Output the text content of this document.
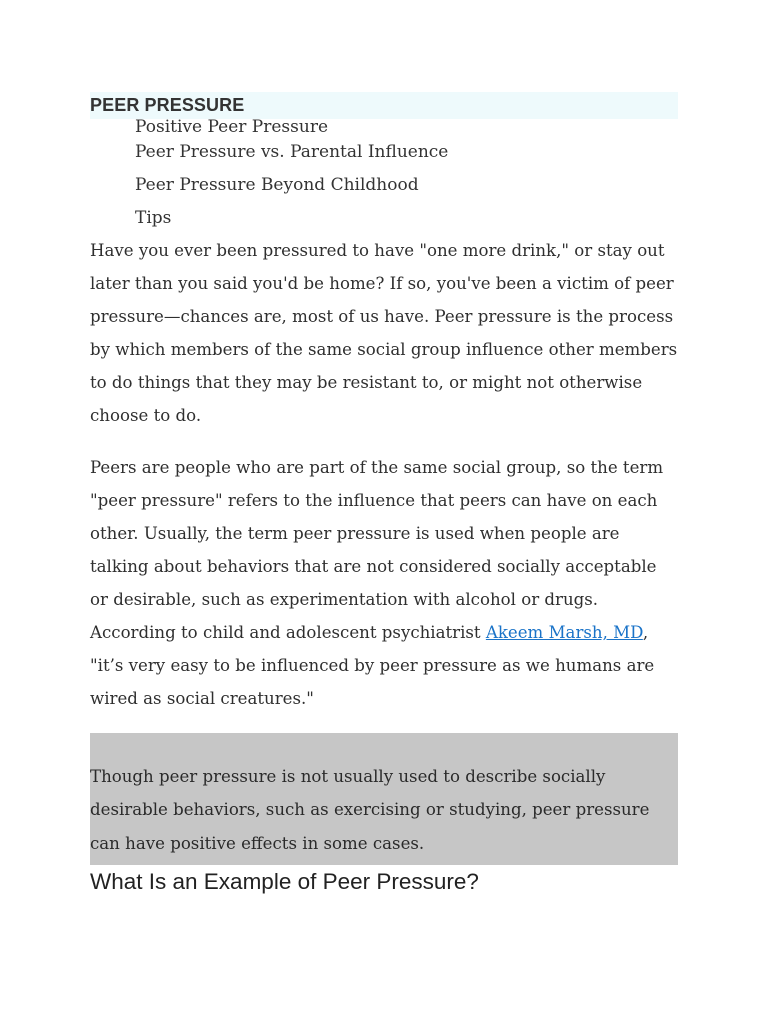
PEER PRESSURE
Positive Peer Pressure
Peer Pressure vs. Parental Influence
Peer Pressure Beyond Childhood
Tips

Have you ever been pressured to have "one more drink," or stay out later than you said you'd be home? If so, you've been a victim of peer pressure—chances are, most of us have. Peer pressure is the process by which members of the same social group influence other members to do things that they may be resistant to, or might not otherwise choose to do.

Peers are people who are part of the same social group, so the term "peer pressure" refers to the influence that peers can have on each other. Usually, the term peer pressure is used when people are talking about behaviors that are not considered socially acceptable or desirable, such as experimentation with alcohol or drugs. According to child and adolescent psychiatrist Akeem Marsh, MD, "it’s very easy to be influenced by peer pressure as we humans are wired as social creatures."

Though peer pressure is not usually used to describe socially desirable behaviors, such as exercising or studying, peer pressure can have positive effects in some cases.

What Is an Example of Peer Pressure?
